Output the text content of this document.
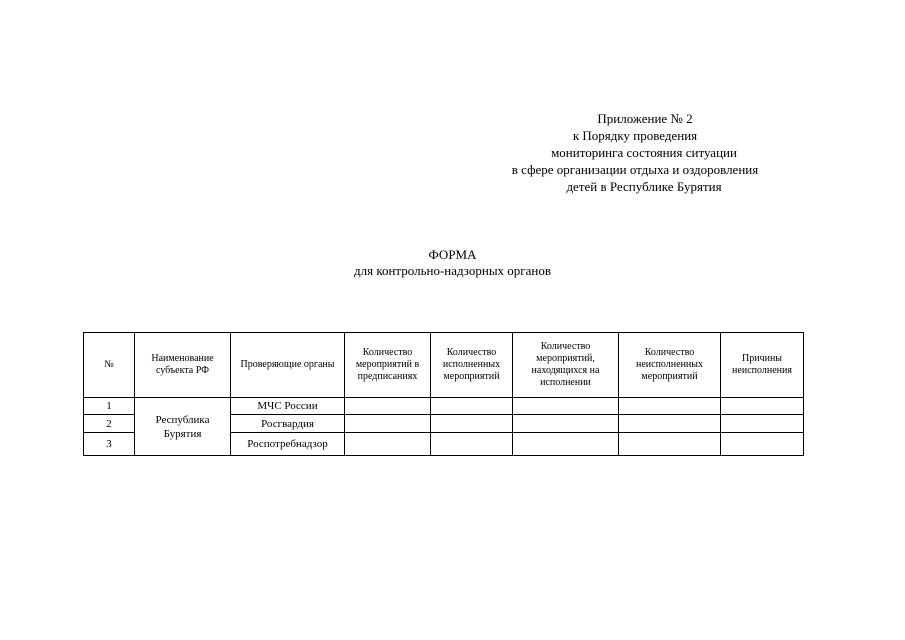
Приложение № 2
к Порядку проведения
мониторинга состояния ситуации
в сфере организации отдыха и оздоровления
детей в Республике Бурятия
ФОРМА
для контрольно-надзорных органов
№	Наименование субъекта РФ	Проверяющие органы	Количество мероприятий в предписаниях	Количество исполненных мероприятий	Количество мероприятий, находящихся на исполнении	Количество неисполненных мероприятий	Причины неисполнения
1	Республика Бурятия	МЧС России					
2		Росгвардия					
3		Роспотребнадзор					
